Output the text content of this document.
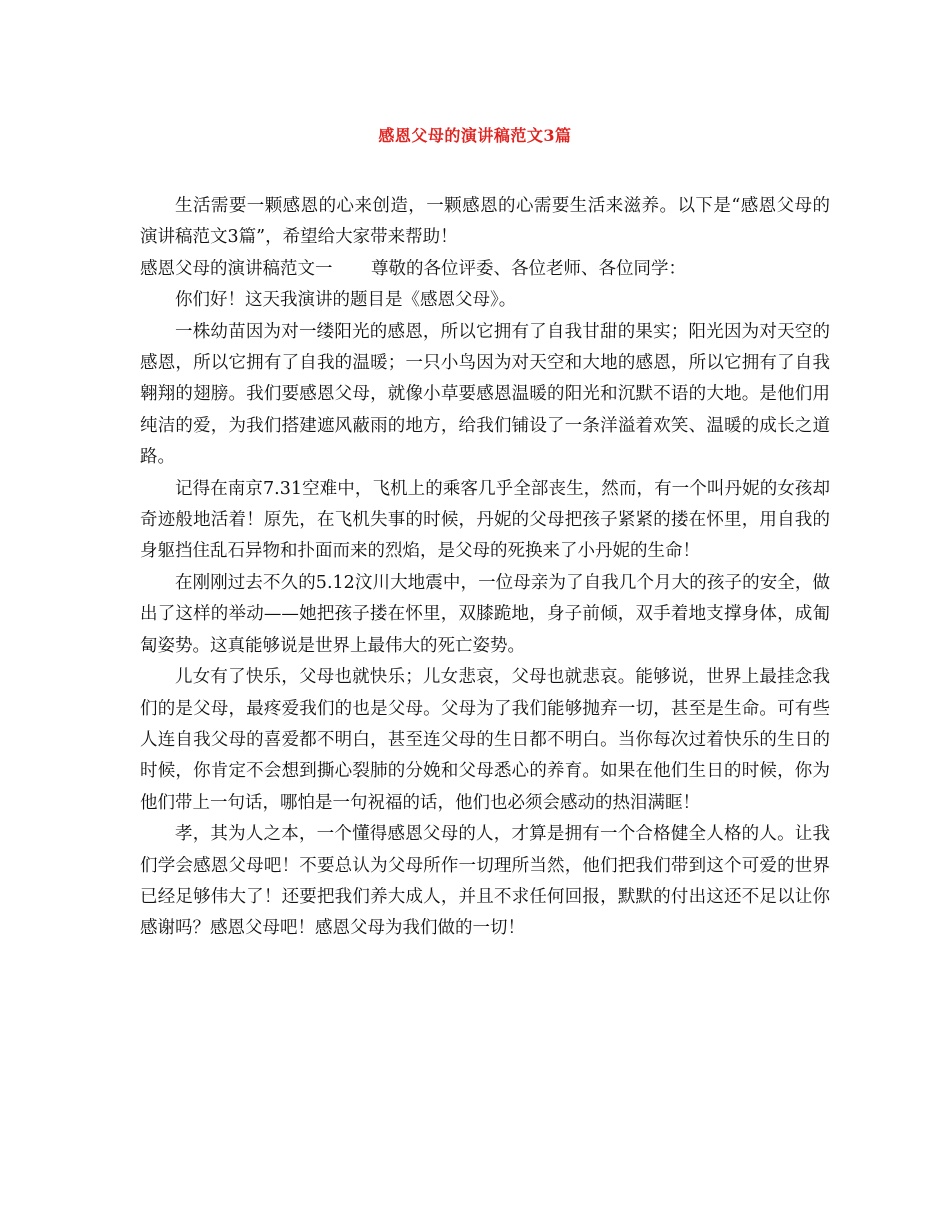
感恩父母的演讲稿范文3篇

生活需要一颗感恩的心来创造，一颗感恩的心需要生活来滋养。以下是“感恩父母的演讲稿范文3篇”，希望给大家带来帮助！

感恩父母的演讲稿范文一 尊敬的各位评委、各位老师、各位同学：

你们好！这天我演讲的题目是《感恩父母》。

一株幼苗因为对一缕阳光的感恩，所以它拥有了自我甘甜的果实；阳光因为对天空的感恩，所以它拥有了自我的温暖；一只小鸟因为对天空和大地的感恩，所以它拥有了自我翱翔的翅膀。我们要感恩父母，就像小草要感恩温暖的阳光和沉默不语的大地。是他们用纯洁的爱，为我们搭建遮风蔽雨的地方，给我们铺设了一条洋溢着欢笑、温暖的成长之道路。

记得在南京7.31空难中，飞机上的乘客几乎全部丧生，然而，有一个叫丹妮的女孩却奇迹般地活着！原先，在飞机失事的时候，丹妮的父母把孩子紧紧的搂在怀里，用自我的身躯挡住乱石异物和扑面而来的烈焰，是父母的死换来了小丹妮的生命！

在刚刚过去不久的5.12汶川大地震中，一位母亲为了自我几个月大的孩子的安全，做出了这样的举动——她把孩子搂在怀里，双膝跪地，身子前倾，双手着地支撑身体，成匍匐姿势。这真能够说是世界上最伟大的死亡姿势。

儿女有了快乐，父母也就快乐；儿女悲哀，父母也就悲哀。能够说，世界上最挂念我们的是父母，最疼爱我们的也是父母。父母为了我们能够抛弃一切，甚至是生命。可有些人连自我父母的喜爱都不明白，甚至连父母的生日都不明白。当你每次过着快乐的生日的时候，你肯定不会想到撕心裂肺的分娩和父母悉心的养育。如果在他们生日的时候，你为他们带上一句话，哪怕是一句祝福的话，他们也必须会感动的热泪满眶！

孝，其为人之本，一个懂得感恩父母的人，才算是拥有一个合格健全人格的人。让我们学会感恩父母吧！不要总认为父母所作一切理所当然，他们把我们带到这个可爱的世界已经足够伟大了！还要把我们养大成人，并且不求任何回报，默默的付出这还不足以让你感谢吗？感恩父母吧！感恩父母为我们做的一切！
